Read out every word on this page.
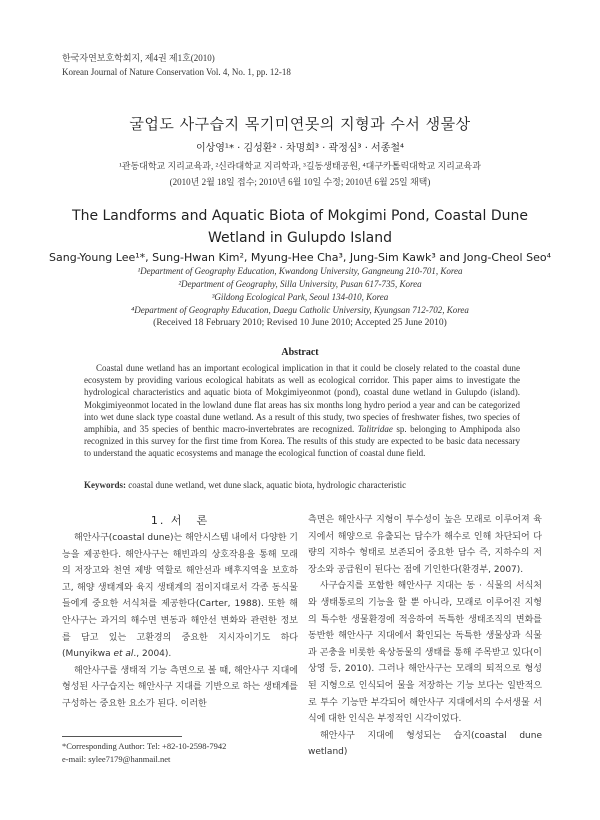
한국자연보호학회지, 제4권 제1호(2010)
Korean Journal of Nature Conservation Vol. 4, No. 1, pp. 12-18
굴업도 사구습지 목기미연못의 지형과 수서 생물상
이상영¹* · 김성환² · 차명희³ · 곽정심³ · 서종철⁴
¹관동대학교 지리교육과, ²신라대학교 지리학과, ³길동생태공원, ⁴대구카톨릭대학교 지리교육과
(2010년 2월 18일 접수; 2010년 6월 10일 수정; 2010년 6월 25일 채택)
The Landforms and Aquatic Biota of Mokgimi Pond, Coastal Dune Wetland in Gulupdo Island
Sang-Young Lee¹*, Sung-Hwan Kim², Myung-Hee Cha³, Jung-Sim Kawk³ and Jong-Cheol Seo⁴
¹Department of Geography Education, Kwandong University, Gangneung 210-701, Korea
²Department of Geography, Silla University, Pusan 617-735, Korea
³Gildong Ecological Park, Seoul 134-010, Korea
⁴Department of Geography Education, Daegu Catholic University, Kyungsan 712-702, Korea
(Received 18 February 2010; Revised 10 June 2010; Accepted 25 June 2010)
Abstract
Coastal dune wetland has an important ecological implication in that it could be closely related to the coastal dune ecosystem by providing various ecological habitats as well as ecological corridor. This paper aims to investigate the hydrological characteristics and aquatic biota of Mokgimiyeonmot (pond), coastal dune wetland in Gulupdo (island). Mokgimiyeonmot located in the lowland dune flat areas has six months long hydro period a year and can be categorized into wet dune slack type coastal dune wetland. As a result of this study, two species of freshwater fishes, two species of amphibia, and 35 species of benthic macro-invertebrates are recognized. Talitridae sp. belonging to Amphipoda also recognized in this survey for the first time from Korea. The results of this study are expected to be basic data necessary to understand the aquatic ecosystems and manage the ecological function of coastal dune field.
Keywords: coastal dune wetland, wet dune slack, aquatic biota, hydrologic characteristic
1. 서　론

해안사구(coastal dune)는 해안시스템 내에서 다양한 기능을 제공한다. 해안사구는 해빈과의 상호작용을 통해 모래의 저장고와 천연 제방 역할로 해안선과 배후지역을 보호하고, 해양 생태계와 육지 생태계의 점이지대로서 각종 동식물들에게 중요한 서식처를 제공한다(Carter, 1988). 또한 해안사구는 과거의 해수면 변동과 해안선 변화와 관련한 정보를 담고 있는 고환경의 중요한 지시자이기도 하다(Munyikwa et al., 2004).

해안사구를 생태적 기능 측면으로 볼 때, 해안사구 지대에 형성된 사구습지는 해안사구 지대를 기반으로 하는 생태계를 구성하는 중요한 요소가 된다. 이러한

측면은 해안사구 지형이 투수성이 높은 모래로 이루어져 육지에서 해양으로 유출되는 담수가 해수로 인해 차단되어 다량의 지하수 형태로 보존되어 중요한 담수 즉, 지하수의 저장소와 공급원이 된다는 점에 기인한다(환경부, 2007).

사구습지를 포함한 해안사구 지대는 동 · 식물의 서식처와 생태통로의 기능을 할 뿐 아니라, 모래로 이루어진 지형의 특수한 생물환경에 적응하여 독특한 생태조직의 변화를 동반한 해안사구 지대에서 확인되는 독특한 생물상과 식물과 곤충을 비롯한 육상동물의 생태를 통해 주목받고 있다(이상영 등, 2010). 그러나 해안사구는 모래의 퇴적으로 형성된 지형으로 인식되어 물을 저장하는 기능 보다는 일반적으로 투수 기능만 부각되어 해안사구 지대에서의 수서생물 서식에 대한 인식은 부정적인 시각이었다.

해안사구 지대에 형성되는 습지(coastal dune wetland)

*Corresponding Author: Tel: +82-10-2598-7942
e-mail: sylee7179@hanmail.net
